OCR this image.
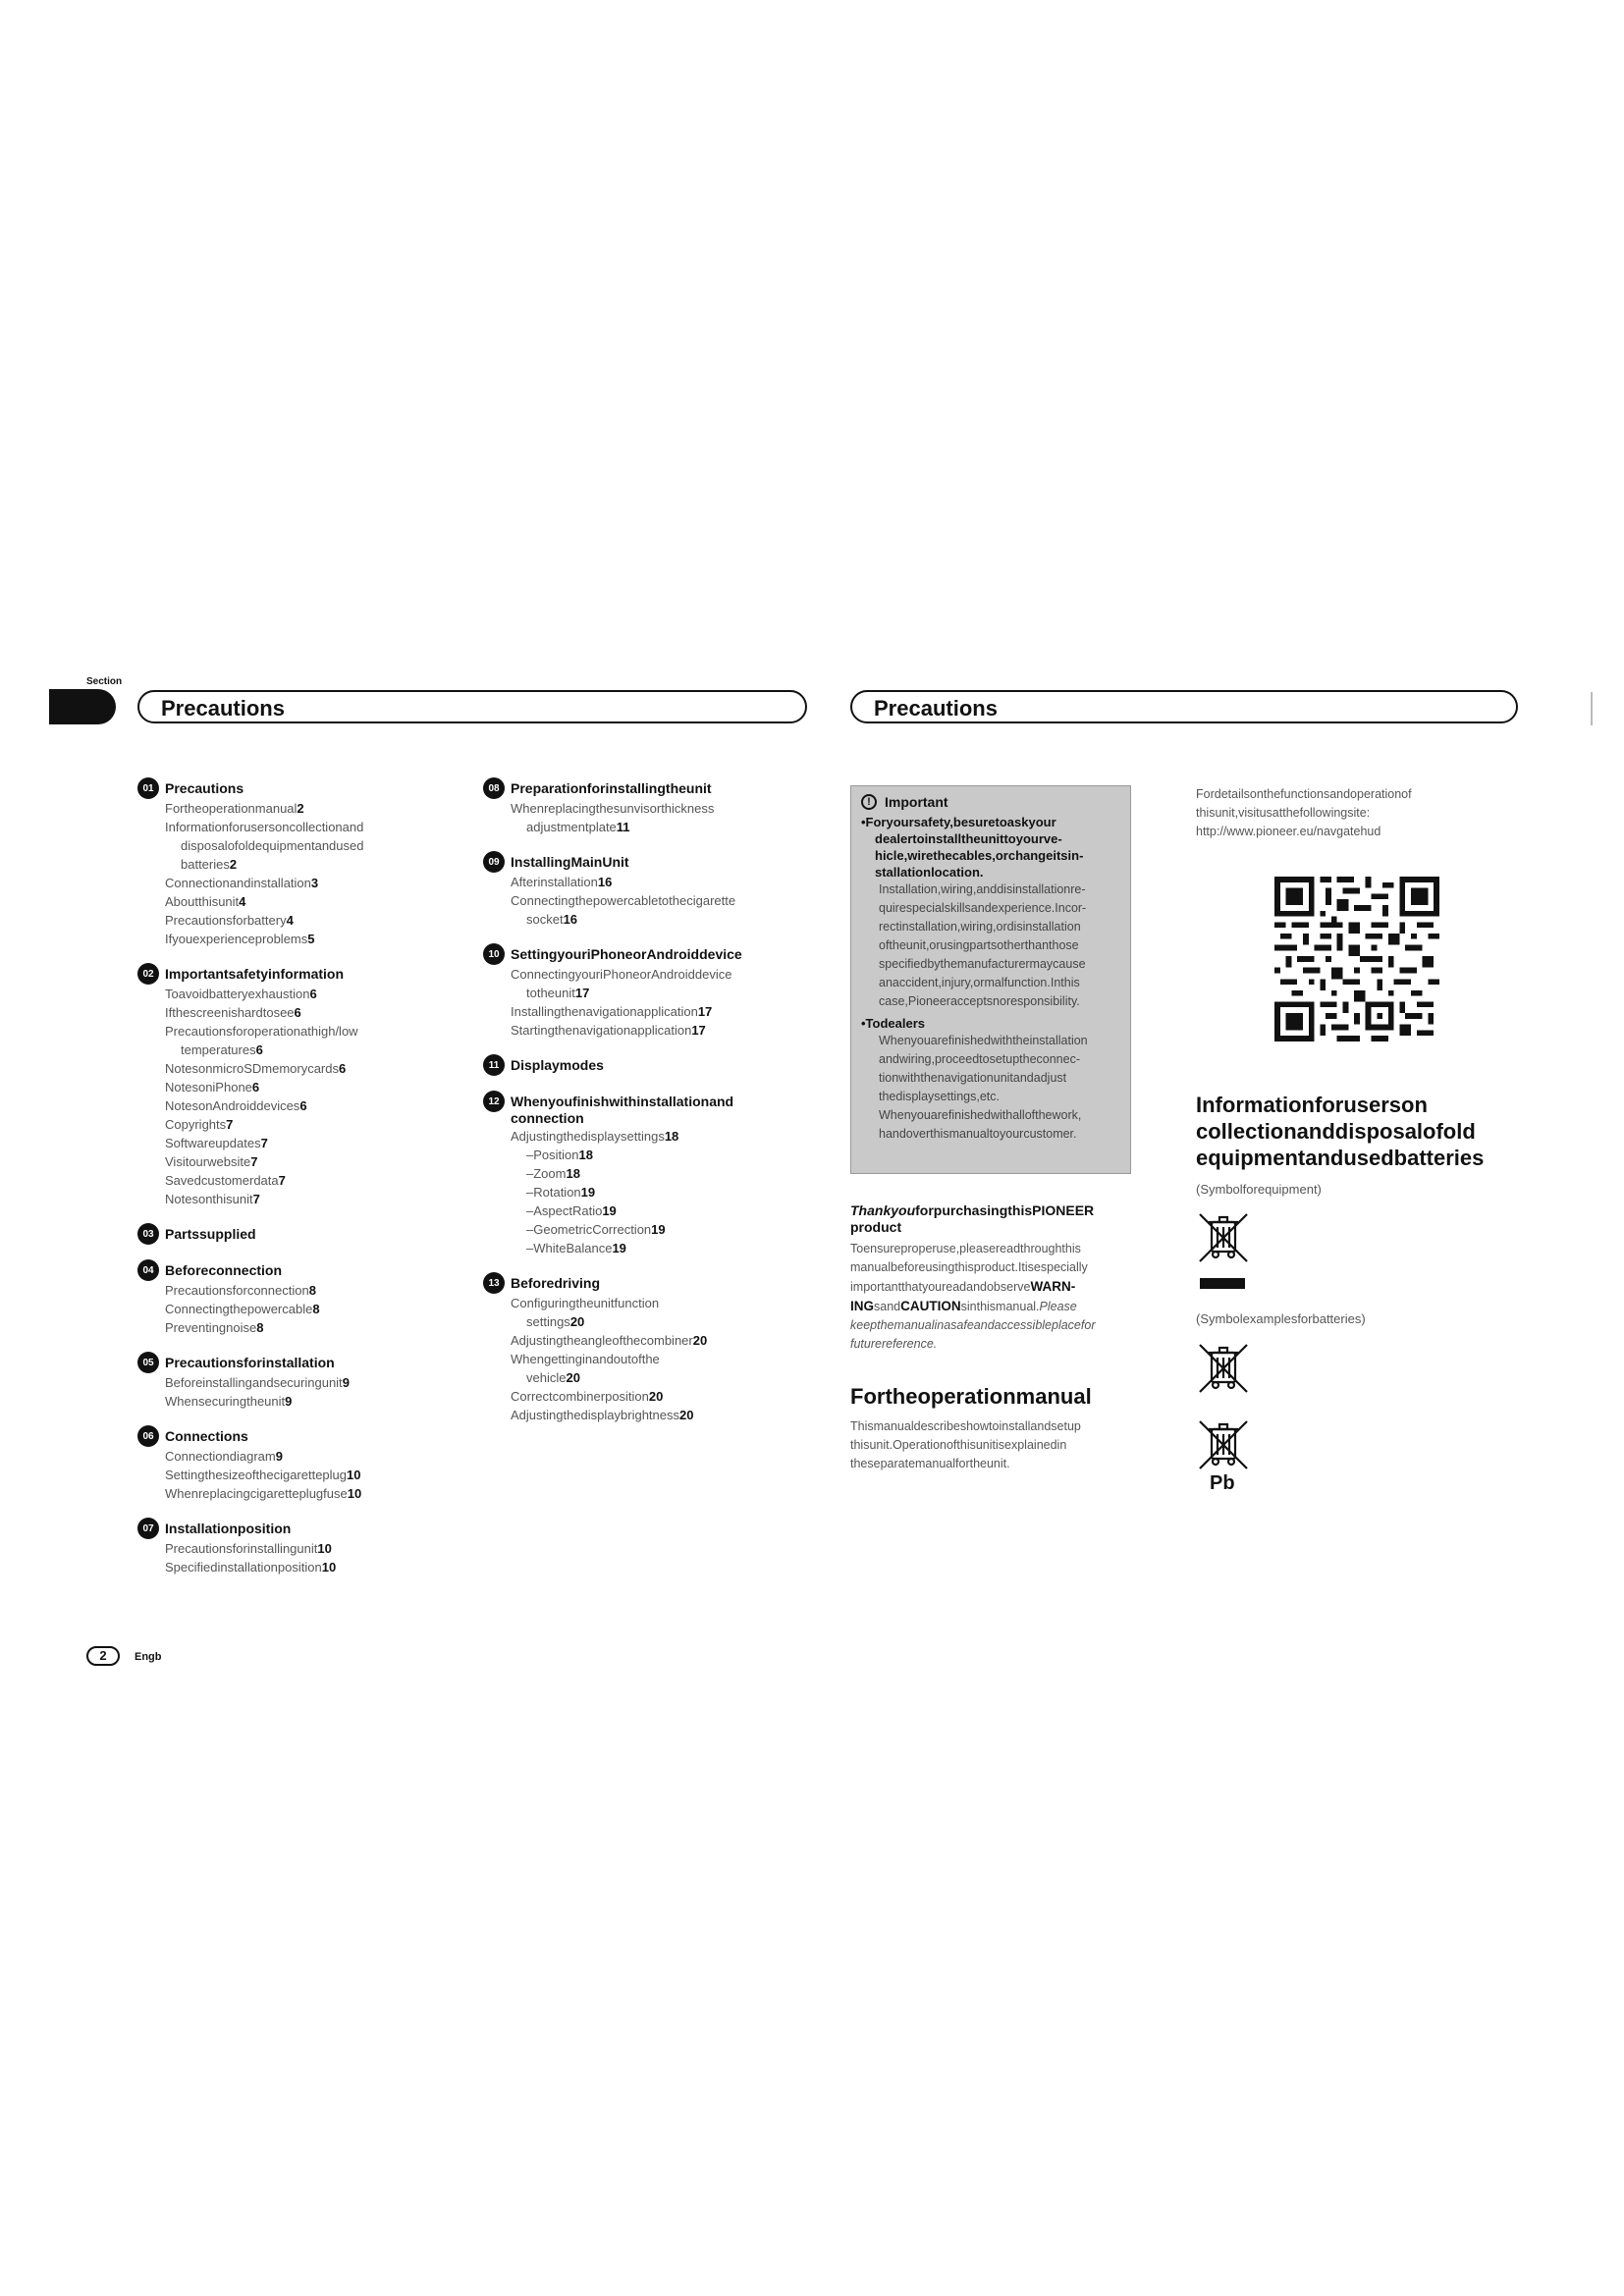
Section
Precautions	Precautions
01 Precautions
Fortheoperationmanual2
Informationforusersoncollectionand
disposalofoldequipmentandused
batteries2
Connectionandinstallation3
Aboutthisunit4
Precautionsforbattery4
Ifyouexperienceproblems5
02 Importantsafetyinformation
Toavoidbatteryexhaustion6
Ifthescreenishardtosee6
Precautionsforoperationathigh/low
temperatures6
NotesonmicroSDmemorycards6
NotesoniPhone6
NotesonAndroiddevices6
Copyrights7
Softwareupdates7
Visitourwebsite7
Savedcustomerdata7
Notesonthisunit7
03 Partssupplied
04 Beforeconnection
Precautionsforconnection8
Connectingthepowercable8
Preventingnoise8
05 Precautionsforinstallation
Beforeinstallingandsecuringunit9
Whensecuringtheunit9
06 Connections
Connectiondiagram9
Settingthesizeofthecigaretteplug10
Whenreplacingcigaretteplugfuse10
07 Installationposition
Precautionsforinstallingunit10
Specifiedinstallationposition10
08 Preparationforinstallingtheunit
Whenreplacingthesunvisorthickness
adjustmentplate11
09 InstallingMainUnit
Afterinstallation16
Connectingthepowercabletothecigarette
socket16
10 SettingyouriPhoneorAndroiddevice
ConnectingyouriPhoneorAndroiddevice
totheunit17
Installingthenavigationapplication17
Startingthenavigationapplication17
11 Displaymodes
12 Whenyoufinishwithinstallationand connection
Adjustingthedisplaysettings18
–Position18
–Zoom18
–Rotation19
–AspectRatio19
–GeometricCorrection19
–WhiteBalance19
13 Beforedriving
Configuringtheunitfunction
settings20
Adjustingtheangleofthecombiner20
Whengettinginandoutofthe
vehicle20
Correctcombinerposition20
Adjustingthedisplaybrightness20
!	Important
•Foryoursafety,besuretoaskyour dealertoinstalltheunittoyourve- hicle,wirethecables,orchangeitsin- stallationlocation.
Installation,wiring,anddisinstallationre- quirespecialskillsandexperience.Incor- rectinstallation,wiring,ordisinstallation oftheunit,orusingpartsotherthanthose specifiedbythemanufacturermaycause anaccident,injury,ormalfunction.Inthis case,Pioneeracceptsnoresponsibility.
•Todealers
Whenyouarefinishedwiththeinstallation andwiring,proceedtosetuptheconnec- tionwiththenavigationunitandadjust thedisplaysettings,etc. Whenyouarefinishedwithallofthework, handoverthismanualtoyourcustomer.
ThankyouforpurchasingthisPIONEER
product
Toensureproperuse,pleasereadthroughthis manualbeforeusingthisproduct.Itisespecially importantthatyoureadandobserveWARN- INGsandCAUTIONsinthismanual.Please keepthemanualinasafeandaccessibleplacefor futurereference.
Fortheoperationmanual
Thismanualdescribeshowtoinstallandsetup thisunit.Operationofthisunitisexplainedin theseparatemanualfortheunit.
Fordetailsonthefunctionsandoperationof thisunit,visitusatthefollowingsite:
http://www.pioneer.eu/navgatehud
Informationforuserson collectionanddisposalofold equipmentandusedbatteries
(Symbolforequipment)
(Symbolexamplesforbatteries)
Pb
2	Engb
